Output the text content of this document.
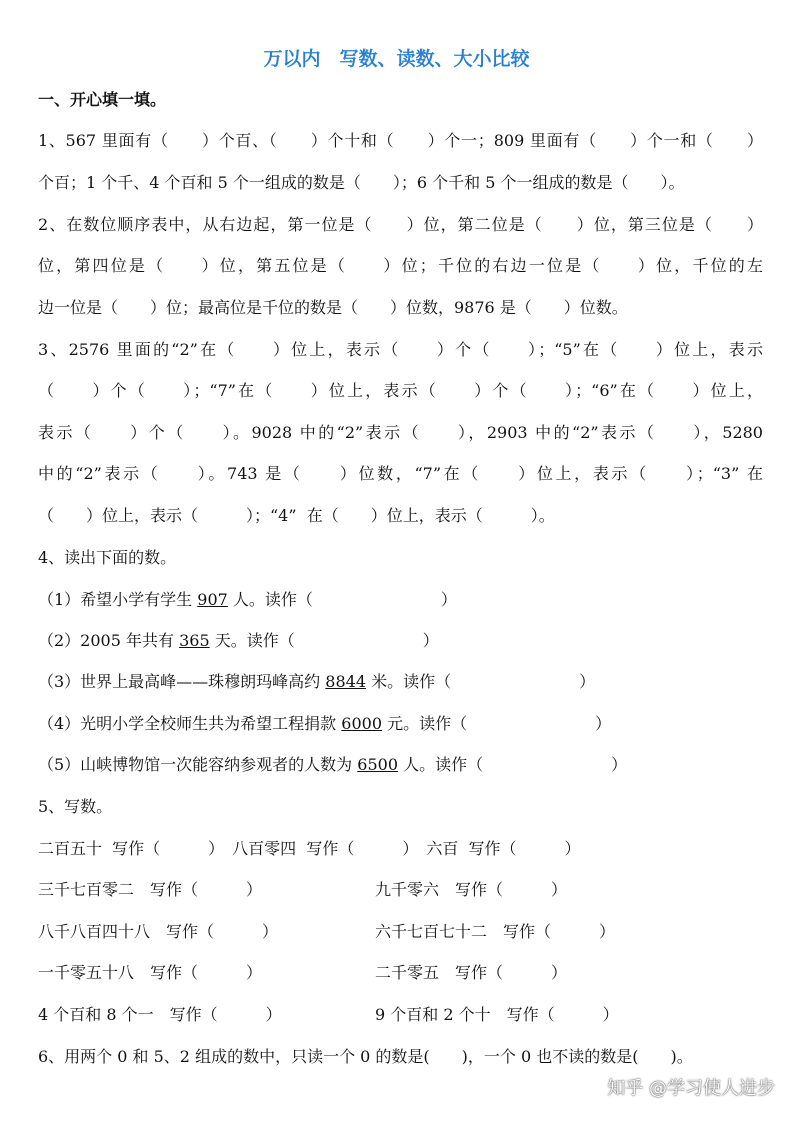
万以内　写数、读数、大小比较
一、开心填一填。
1、567 里面有（　　）个百、（　　）个十和（　　）个一；809 里面有（　　）个一和（　　）
个百；1 个千、4 个百和 5 个一组成的数是（　　）；6 个千和 5 个一组成的数是（　　）。
2、在数位顺序表中，从右边起，第一位是（　　）位，第二位是（　　）位，第三位是（　　）
位，第四位是（　　）位，第五位是（　　）位；千位的右边一位是（　　）位，千位的左
边一位是（　　）位；最高位是千位的数是（　　）位数，9876 是（　　）位数。
3、2576 里面的“2”在（　　）位上，表示（　　）个（　　）；“5”在（　　）位上，表示
（　　）个（　　）；“7”在（　　）位上，表示（　　）个（　　）；“6”在（　　）位上，
表示（　　）个（　　）。9028 中的“2”表示（　　），2903 中的“2”表示（　　），5280
中的“2”表示（　　）。743 是（　　）位数，“7”在（　　）位上，表示（　　）；“3” 在
（　　）位上，表示（　　　）；“4”  在（　　）位上，表示（　　　）。
4、读出下面的数。
（1）希望小学有学生 907 人。读作（　　　　　　　　）
（2）2005 年共有 365 天。读作（　　　　　　　　）
（3）世界上最高峰——珠穆朗玛峰高约 8844 米。读作（　　　　　　　　）
（4）光明小学全校师生共为希望工程捐款 6000 元。读作（　　　　　　　　）
（5）山峡博物馆一次能容纳参观者的人数为 6500 人。读作（　　　　　　　　）
5、写数。
二百五十  写作（　　　）　八百零四  写作（　　　）　六百  写作（　　　）
三千七百零二　写作（　　　）	九千零六　写作（　　　）
八千八百四十八　写作（　　　）	六千七百七十二　写作（　　　）
一千零五十八　写作（　　　）	二千零五　写作（　　　）
4 个百和 8 个一　写作（　　　）	9 个百和 2 个十　写作（　　　）
6、用两个 0 和 5、2 组成的数中，只读一个 0 的数是(　　)，一个 0 也不读的数是(　　)。
知乎 @学习使人进步
